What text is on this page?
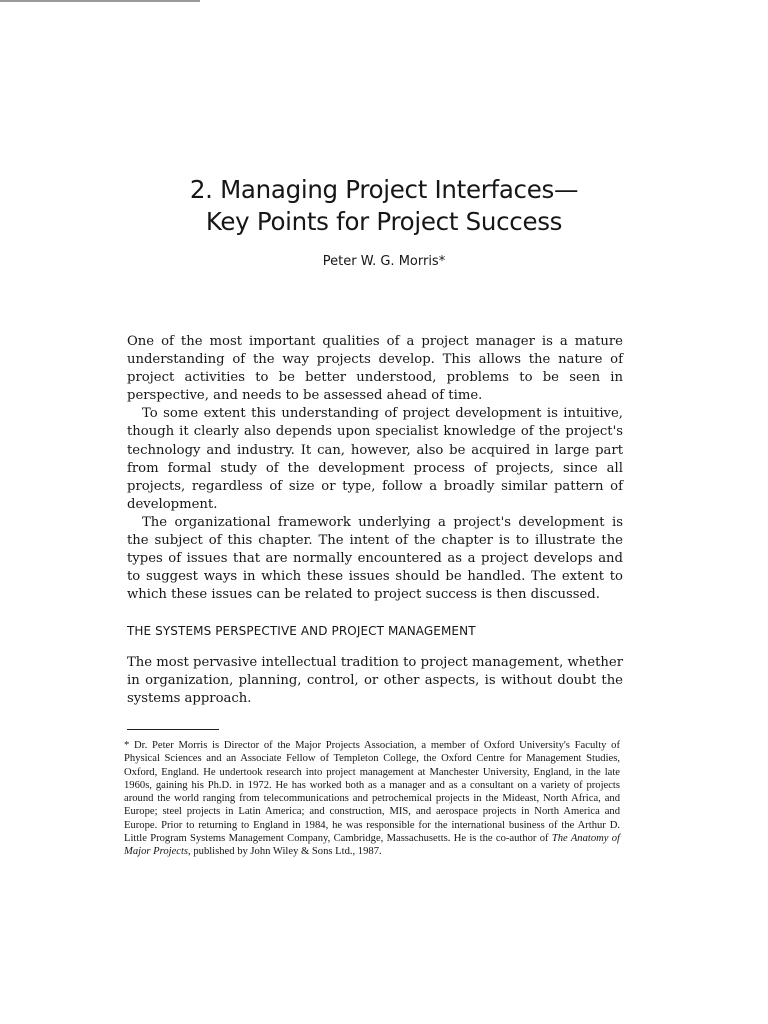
2. Managing Project Interfaces—
Key Points for Project Success
Peter W. G. Morris*

One of the most important qualities of a project manager is a mature understanding of the way projects develop. This allows the nature of project activities to be better understood, problems to be seen in perspective, and needs to be assessed ahead of time.

To some extent this understanding of project development is intuitive, though it clearly also depends upon specialist knowledge of the project's technology and industry. It can, however, also be acquired in large part from formal study of the development process of projects, since all projects, regardless of size or type, follow a broadly similar pattern of development.

The organizational framework underlying a project's development is the subject of this chapter. The intent of the chapter is to illustrate the types of issues that are normally encountered as a project develops and to suggest ways in which these issues should be handled. The extent to which these issues can be related to project success is then discussed.

THE SYSTEMS PERSPECTIVE AND PROJECT MANAGEMENT

The most pervasive intellectual tradition to project management, whether in organization, planning, control, or other aspects, is without doubt the systems approach.

* Dr. Peter Morris is Director of the Major Projects Association, a member of Oxford University's Faculty of Physical Sciences and an Associate Fellow of Templeton College, the Oxford Centre for Management Studies, Oxford, England. He undertook research into project management at Manchester University, England, in the late 1960s, gaining his Ph.D. in 1972. He has worked both as a manager and as a consultant on a variety of projects around the world ranging from telecommunications and petrochemical projects in the Mideast, North Africa, and Europe; steel projects in Latin America; and construction, MIS, and aerospace projects in North America and Europe. Prior to returning to England in 1984, he was responsible for the international business of the Arthur D. Little Program Systems Management Company, Cambridge, Massachusetts. He is the co-author of The Anatomy of Major Projects, published by John Wiley & Sons Ltd., 1987.
